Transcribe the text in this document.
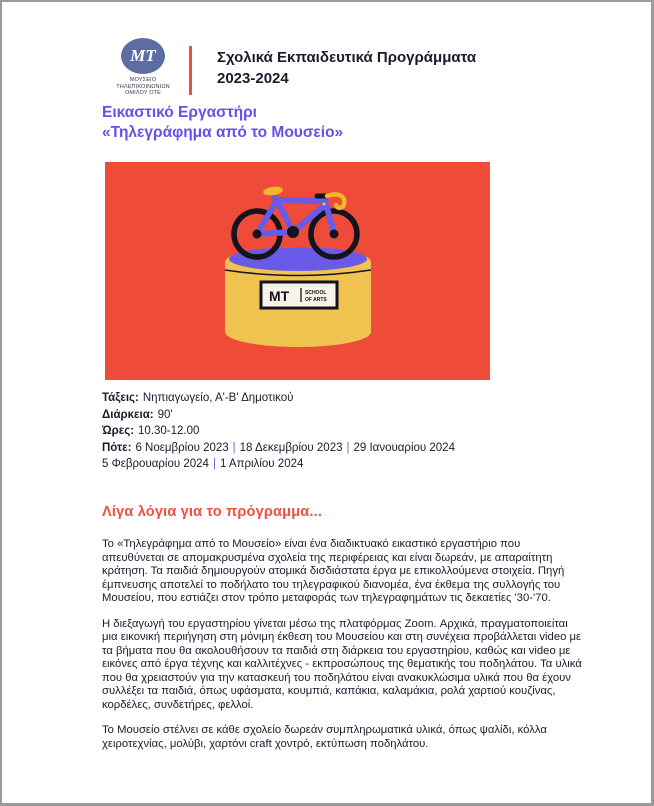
MT
ΜΟΥΣΕΙΟ ΤΗΛΕΠΙΚΟΙΝΩΝΙΩΝ
ΟΜΙΛΟΥ ΟΤΕ
Σχολικά Εκπαιδευτικά Προγράμματα
2023-2024
Εικαστικό Εργαστήρι
«Τηλεγράφημα από το Μουσείο»
MT	SCHOOL
OF ARTS
Τάξεις: Νηπιαγωγείο, Α'-Β' Δημοτικού
Διάρκεια: 90'
Ώρες: 10.30-12.00
Πότε: 6 Νοεμβρίου 2023 | 18 Δεκεμβρίου 2023 | 29 Ιανουαρίου 2024
5 Φεβρουαρίου 2024 | 1 Απριλίου 2024
Λίγα λόγια για το πρόγραμμα...

Το «Τηλεγράφημα από το Μουσείο» είναι ένα διαδικτυακό εικαστικό εργαστήριο που απευθύνεται σε απομακρυσμένα σχολεία της περιφέρειας και είναι δωρεάν, με απαραίτητη κράτηση. Τα παιδιά δημιουργούν ατομικά δισδιάστατα έργα με επικολλούμενα στοιχεία. Πηγή έμπνευσης αποτελεί το ποδήλατο του τηλεγραφικού διανομέα, ένα έκθεμα της συλλογής του Μουσείου, που εστιάζει στον τρόπο μεταφοράς των τηλεγραφημάτων τις δεκαετίες '30-'70.

Η διεξαγωγή του εργαστηρίου γίνεται μέσω της πλατφόρμας Zoom. Αρχικά, πραγματοποιείται μια εικονική περιήγηση στη μόνιμη έκθεση του Μουσείου και στη συνέχεια προβάλλεται video με τα βήματα που θα ακολουθήσουν τα παιδιά στη διάρκεια του εργαστηρίου, καθώς και video με εικόνες από έργα τέχνης και καλλιτέχνες - εκπροσώπους της θεματικής του ποδηλάτου. Τα υλικά που θα χρειαστούν για την κατασκευή του ποδηλάτου είναι ανακυκλώσιμα υλικά που θα έχουν συλλέξει τα παιδιά, όπως υφάσματα, κουμπιά, καπάκια, καλαμάκια, ρολά χαρτιού κουζίνας, κορδέλες, συνδετήρες, φελλοί.

Το Μουσείο στέλνει σε κάθε σχολείο δωρεάν συμπληρωματικά υλικά, όπως ψαλίδι, κόλλα χειροτεχνίας, μολύβι, χαρτόνι craft χοντρό, εκτύπωση ποδηλάτου.
